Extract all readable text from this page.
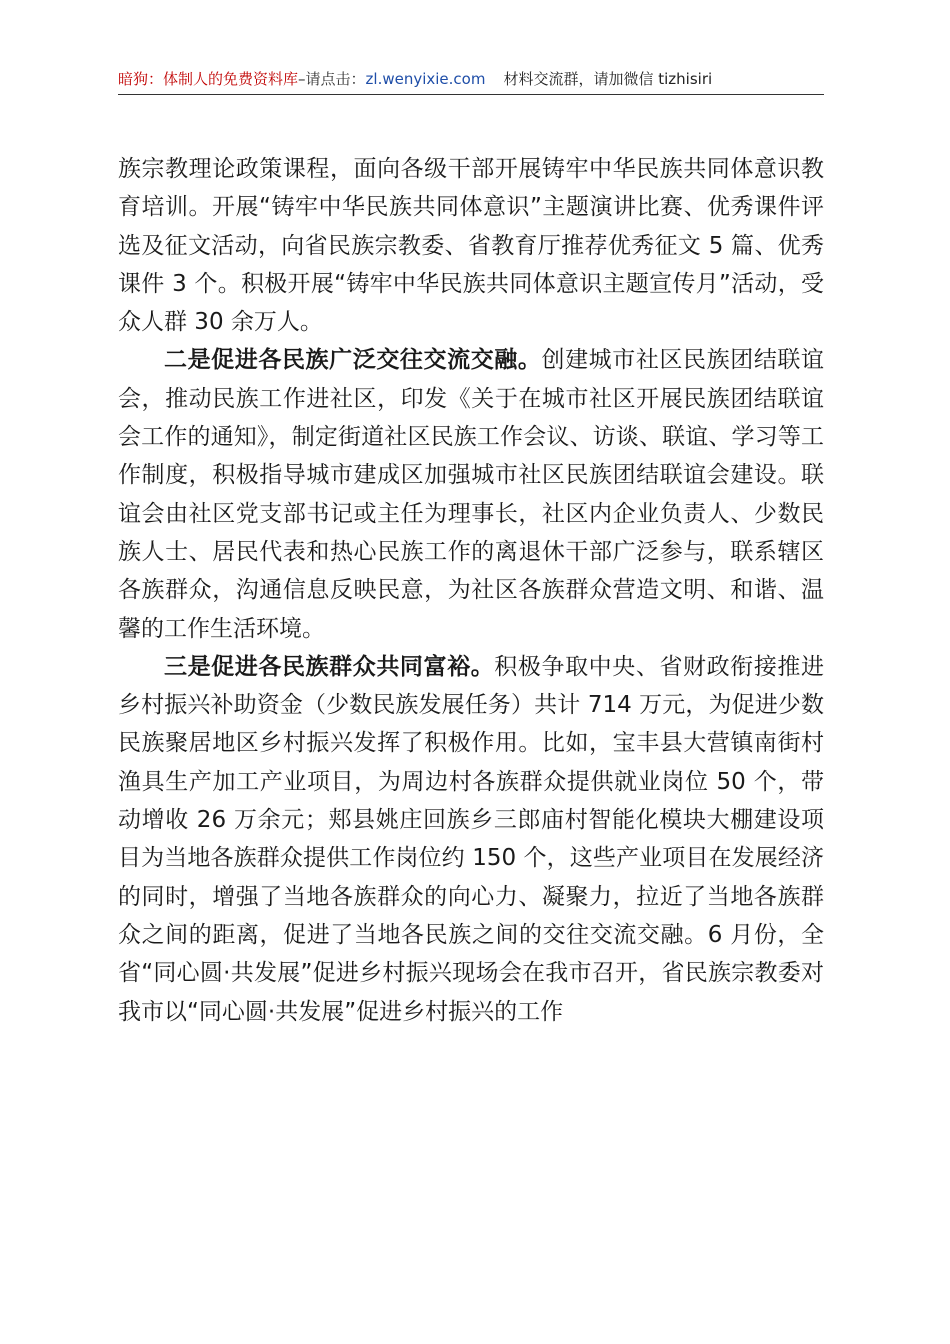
暗狗：体制人的免费资料库–请点击：zl.wenyixie.com 材料交流群，请加微信 tizhisiri

族宗教理论政策课程，面向各级干部开展铸牢中华民族共同体意识教育培训。开展“铸牢中华民族共同体意识”主题演讲比赛、优秀课件评选及征文活动，向省民族宗教委、省教育厅推荐优秀征文 5 篇、优秀课件 3 个。积极开展“铸牢中华民族共同体意识主题宣传月”活动，受众人群 30 余万人。

二是促进各民族广泛交往交流交融。创建城市社区民族团结联谊会，推动民族工作进社区，印发《关于在城市社区开展民族团结联谊会工作的通知》，制定街道社区民族工作会议、访谈、联谊、学习等工作制度，积极指导城市建成区加强城市社区民族团结联谊会建设。联谊会由社区党支部书记或主任为理事长，社区内企业负责人、少数民族人士、居民代表和热心民族工作的离退休干部广泛参与，联系辖区各族群众，沟通信息反映民意，为社区各族群众营造文明、和谐、温馨的工作生活环境。

三是促进各民族群众共同富裕。积极争取中央、省财政衔接推进乡村振兴补助资金（少数民族发展任务）共计 714 万元，为促进少数民族聚居地区乡村振兴发挥了积极作用。比如，宝丰县大营镇南街村渔具生产加工产业项目，为周边村各族群众提供就业岗位 50 个，带动增收 26 万余元；郏县姚庄回族乡三郎庙村智能化模块大棚建设项目为当地各族群众提供工作岗位约 150 个，这些产业项目在发展经济的同时，增强了当地各族群众的向心力、凝聚力，拉近了当地各族群众之间的距离，促进了当地各民族之间的交往交流交融。6 月份，全省“同心圆·共发展”促进乡村振兴现场会在我市召开，省民族宗教委对我市以“同心圆·共发展”促进乡村振兴的工作
